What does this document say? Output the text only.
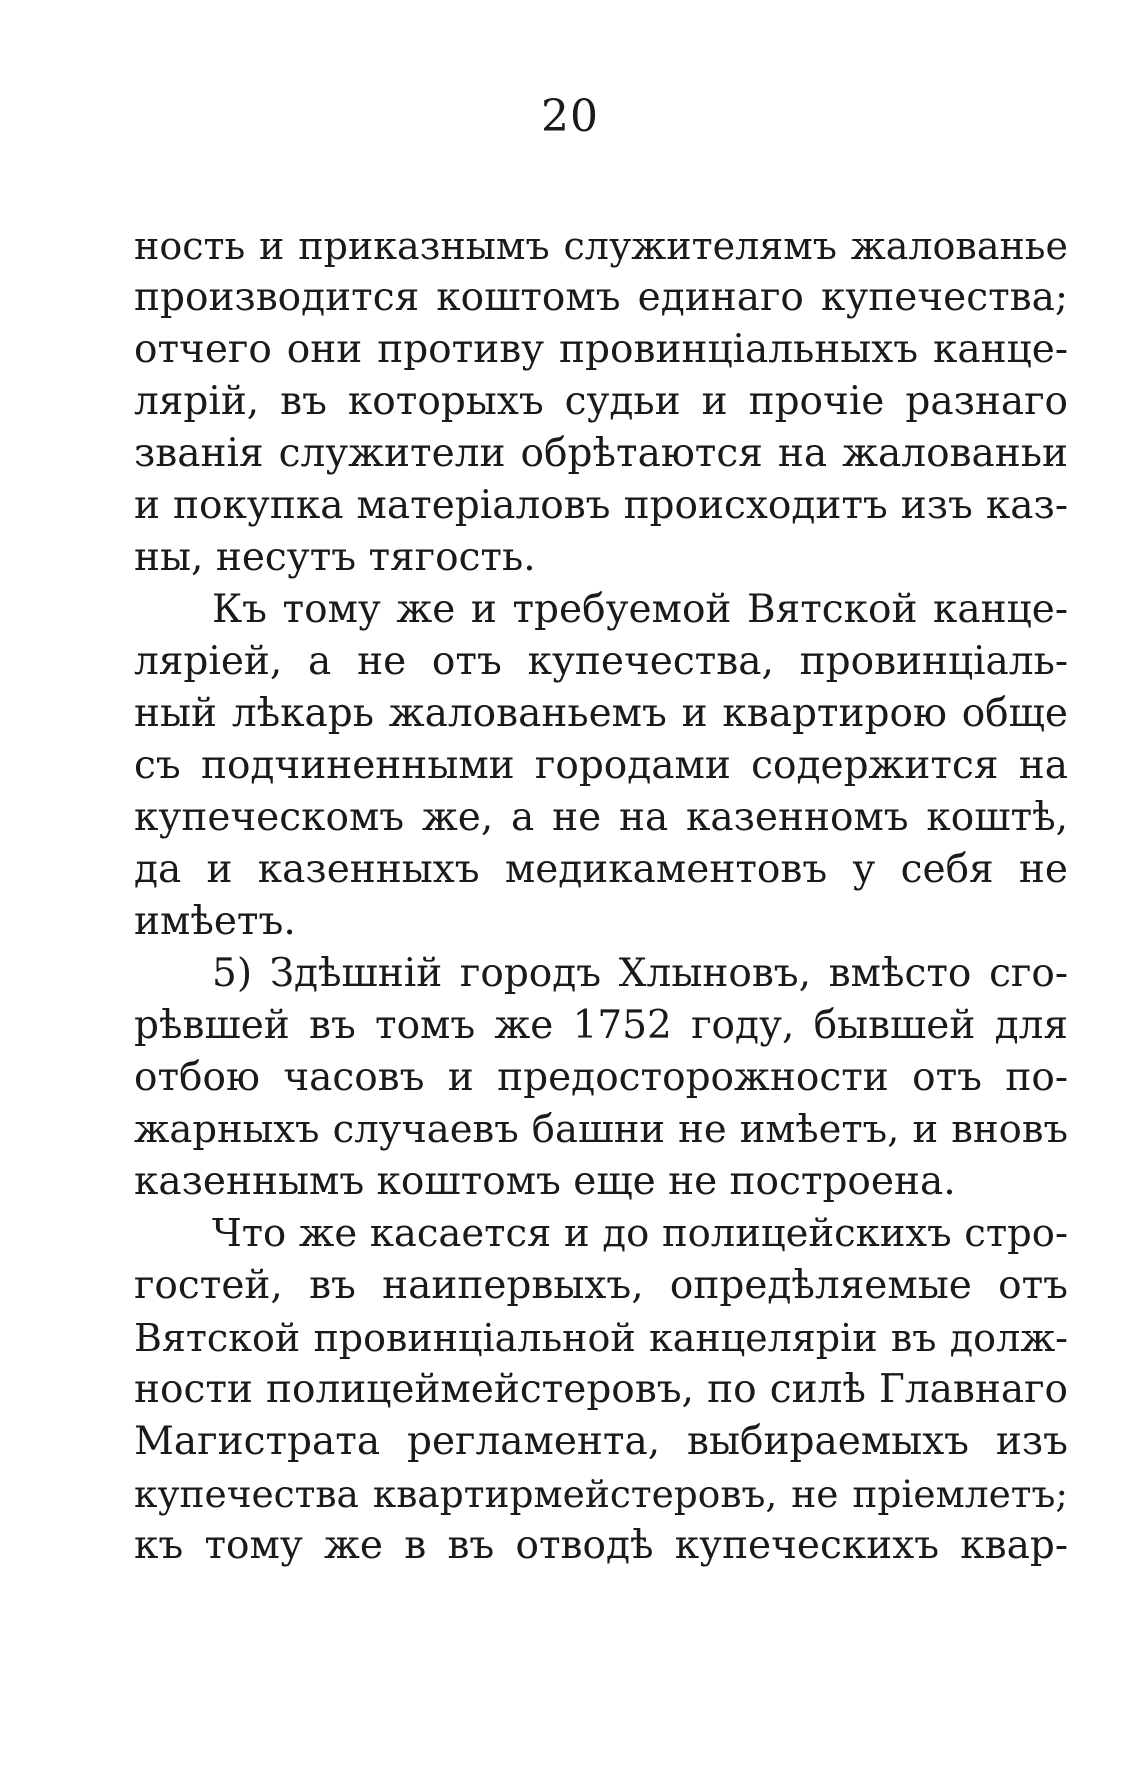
20
ность и приказнымъ служителямъ жалованье
производится коштомъ единаго купечества;
отчего они противу провинціальныхъ канце-
лярій, въ которыхъ судьи и прочіе разнаго
званія служители обрѣтаются на жалованьи
и покупка матеріаловъ происходитъ изъ каз-
ны, несутъ тягость.
Къ тому же и требуемой Вятской канце-
ляріей, а не отъ купечества, провинціаль-
ный лѣкарь жалованьемъ и квартирою обще
съ подчиненными городами содержится на
купеческомъ же, а не на казенномъ коштѣ,
да и казенныхъ медикаментовъ у себя не
имѣетъ.
5) Здѣшній городъ Хлыновъ, вмѣсто сго-
рѣвшей въ томъ же 1752 году, бывшей для
отбою часовъ и предосторожности отъ по-
жарныхъ случаевъ башни не имѣетъ, и вновъ
казеннымъ коштомъ еще не построена.
Что же касается и до полицейскихъ стро-
гостей, въ наипервыхъ, опредѣляемые отъ
Вятской провинціальной канцеляріи въ долж-
ности полицеймейстеровъ, по силѣ Главнаго
Магистрата регламента, выбираемыхъ изъ
купечества квартирмейстеровъ, не пріемлетъ;
къ тому же в въ отводѣ купеческихъ квар-
